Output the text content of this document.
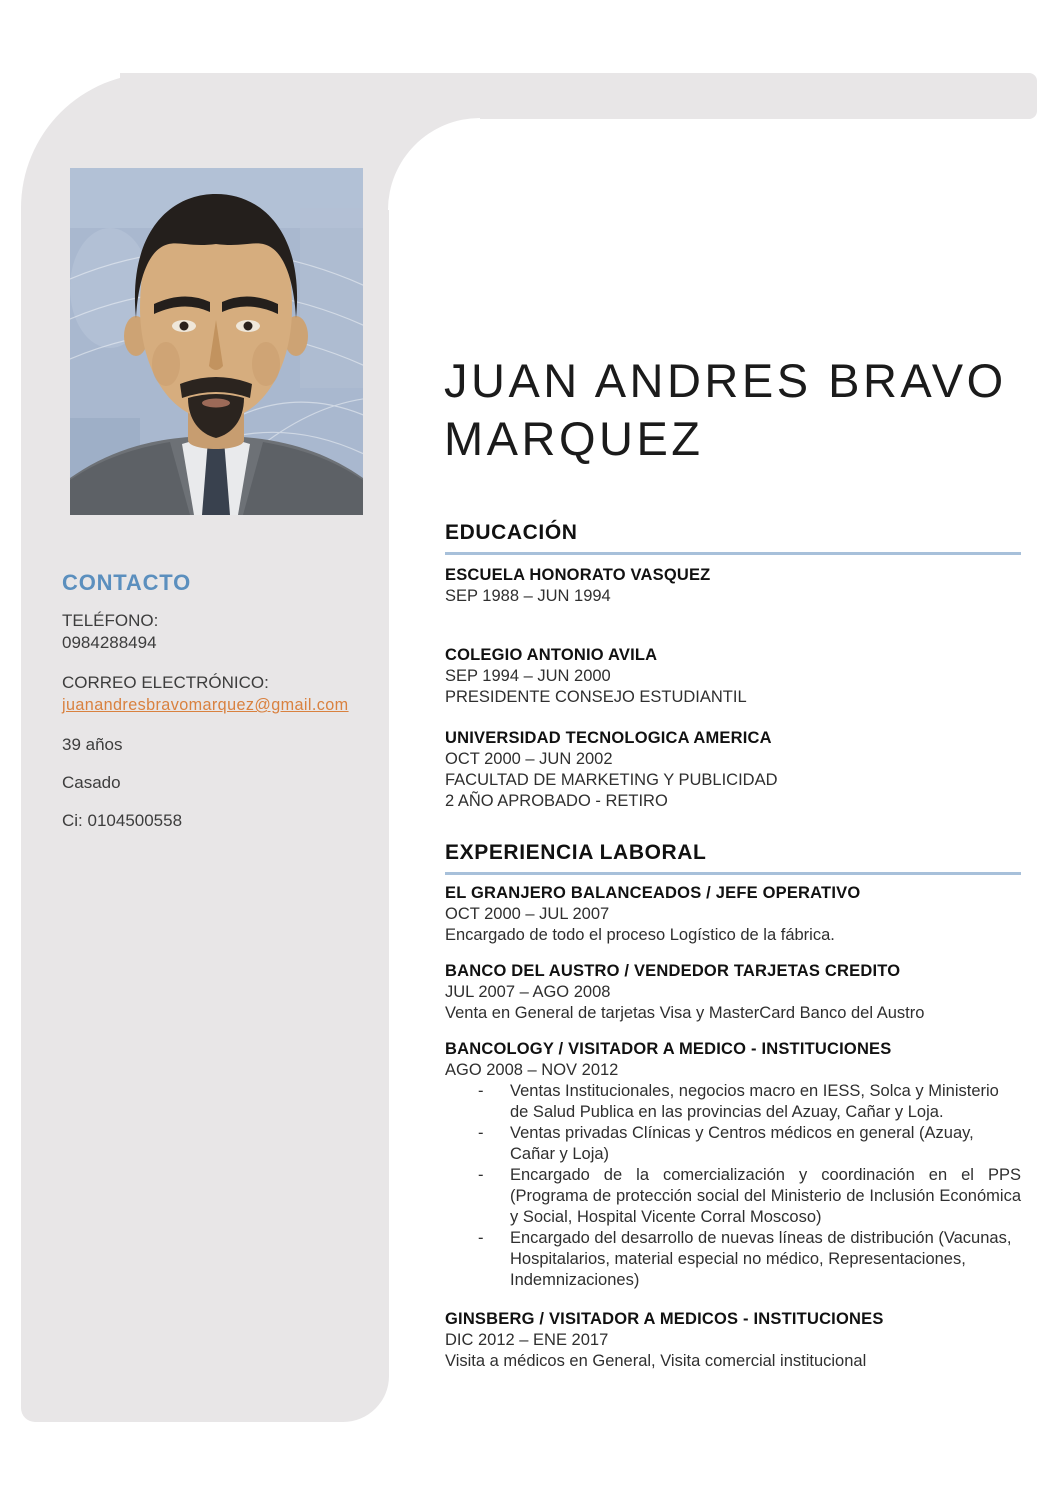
CONTACTO

TELÉFONO:

0984288494

CORREO ELECTRÓNICO:

juanandresbravomarquez@gmail.com

39 años

Casado

Ci: 0104500558

JUAN ANDRES BRAVO
MARQUEZ
EDUCACIÓN
ESCUELA HONORATO VASQUEZ
SEP 1988 – JUN 1994
COLEGIO ANTONIO AVILA
SEP 1994 – JUN 2000
PRESIDENTE CONSEJO ESTUDIANTIL
UNIVERSIDAD TECNOLOGICA AMERICA
OCT 2000 – JUN 2002
FACULTAD DE MARKETING Y PUBLICIDAD
2 AÑO APROBADO - RETIRO
EXPERIENCIA LABORAL
EL GRANJERO BALANCEADOS / JEFE OPERATIVO
OCT 2000 – JUL 2007
Encargado de todo el proceso Logístico de la fábrica.
BANCO DEL AUSTRO / VENDEDOR TARJETAS CREDITO
JUL 2007 – AGO 2008
Venta en General de tarjetas Visa y MasterCard Banco del Austro
BANCOLOGY / VISITADOR A MEDICO - INSTITUCIONES
AGO 2008 – NOV 2012
- Ventas Institucionales, negocios macro en IESS, Solca y Ministerio de Salud Publica en las provincias del Azuay, Cañar y Loja.
- Ventas privadas Clínicas y Centros médicos en general (Azuay, Cañar y Loja)
- Encargado de la comercialización y coordinación en el PPS (Programa de protección social del Ministerio de Inclusión Económica y Social, Hospital Vicente Corral Moscoso)
- Encargado del desarrollo de nuevas líneas de distribución (Vacunas, Hospitalarios, material especial no médico, Representaciones, Indemnizaciones)
GINSBERG / VISITADOR A MEDICOS - INSTITUCIONES
DIC 2012 – ENE 2017
Visita a médicos en General, Visita comercial institucional
